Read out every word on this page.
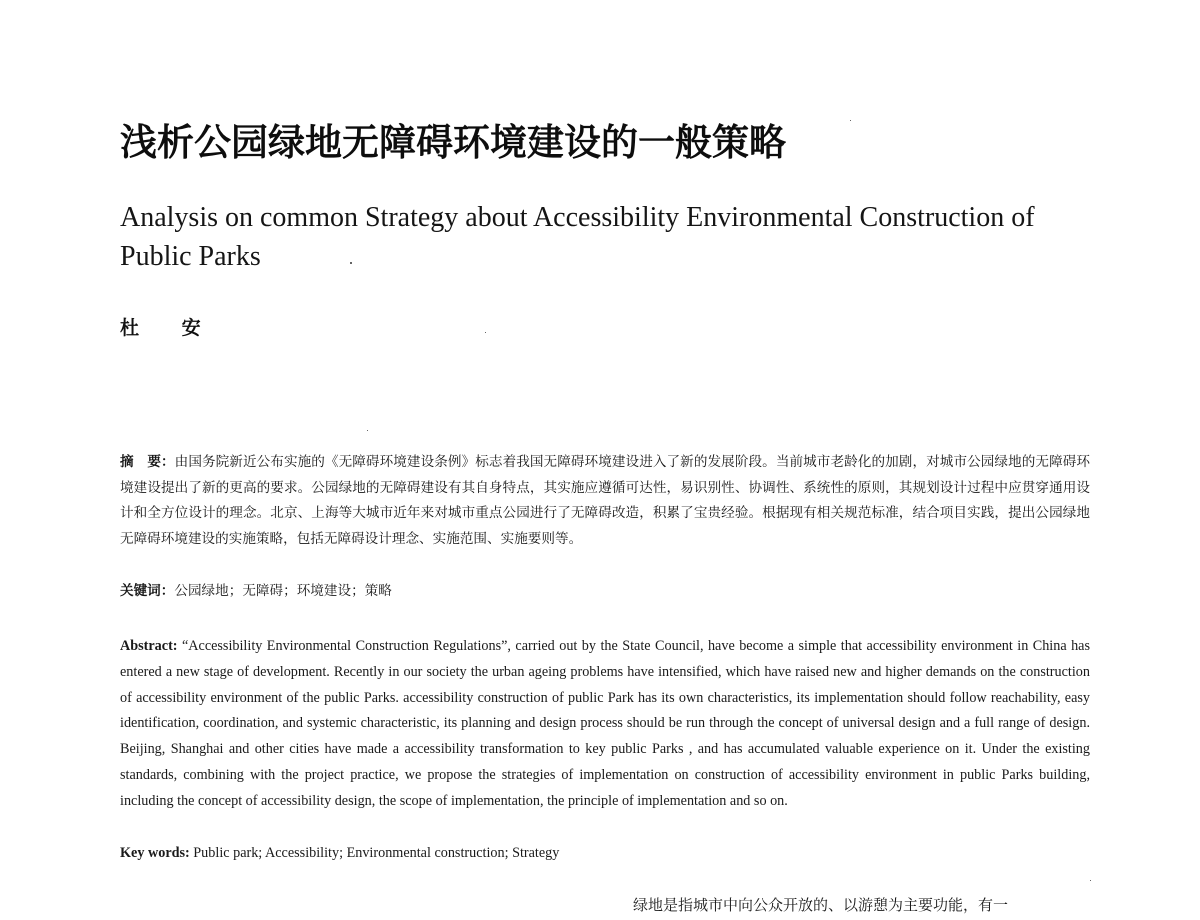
浅析公园绿地无障碍环境建设的一般策略
Analysis on common Strategy about Accessibility Environmental Construction of Public Parks
杜 安
摘　要：由国务院新近公布实施的《无障碍环境建设条例》标志着我国无障碍环境建设进入了新的发展阶段。当前城市老龄化的加剧，对城市公园绿地的无障碍环境建设提出了新的更高的要求。公园绿地的无障碍建设有其自身特点，其实施应遵循可达性，易识别性、协调性、系统性的原则，其规划设计过程中应贯穿通用设计和全方位设计的理念。北京、上海等大城市近年来对城市重点公园进行了无障碍改造，积累了宝贵经验。根据现有相关规范标准，结合项目实践，提出公园绿地无障碍环境建设的实施策略，包括无障碍设计理念、实施范围、实施要则等。
关键词：公园绿地；无障碍；环境建设；策略
Abstract: “Accessibility Environmental Construction Regulations”, carried out by the State Council, have become a simple that accessibility environment in China has entered a new stage of development. Recently in our society the urban ageing problems have intensified, which have raised new and higher demands on the construction of accessibility environment of the public Parks. accessibility construction of public Park has its own characteristics, its implementation should follow reachability, easy identification, coordination, and systemic characteristic, its planning and design process should be run through the concept of universal design and a full range of design. Beijing, Shanghai and other cities have made a accessibility transformation to key public Parks , and has accumulated valuable experience on it. Under the existing standards, combining with the project practice, we propose the strategies of implementation on construction of accessibility environment in public Parks building, including the concept of accessibility design, the scope of implementation, the principle of implementation and so on.
Key words: Public park; Accessibility; Environmental construction; Strategy
绿地是指城市中向公众开放的、以游憩为主要功能，有一
